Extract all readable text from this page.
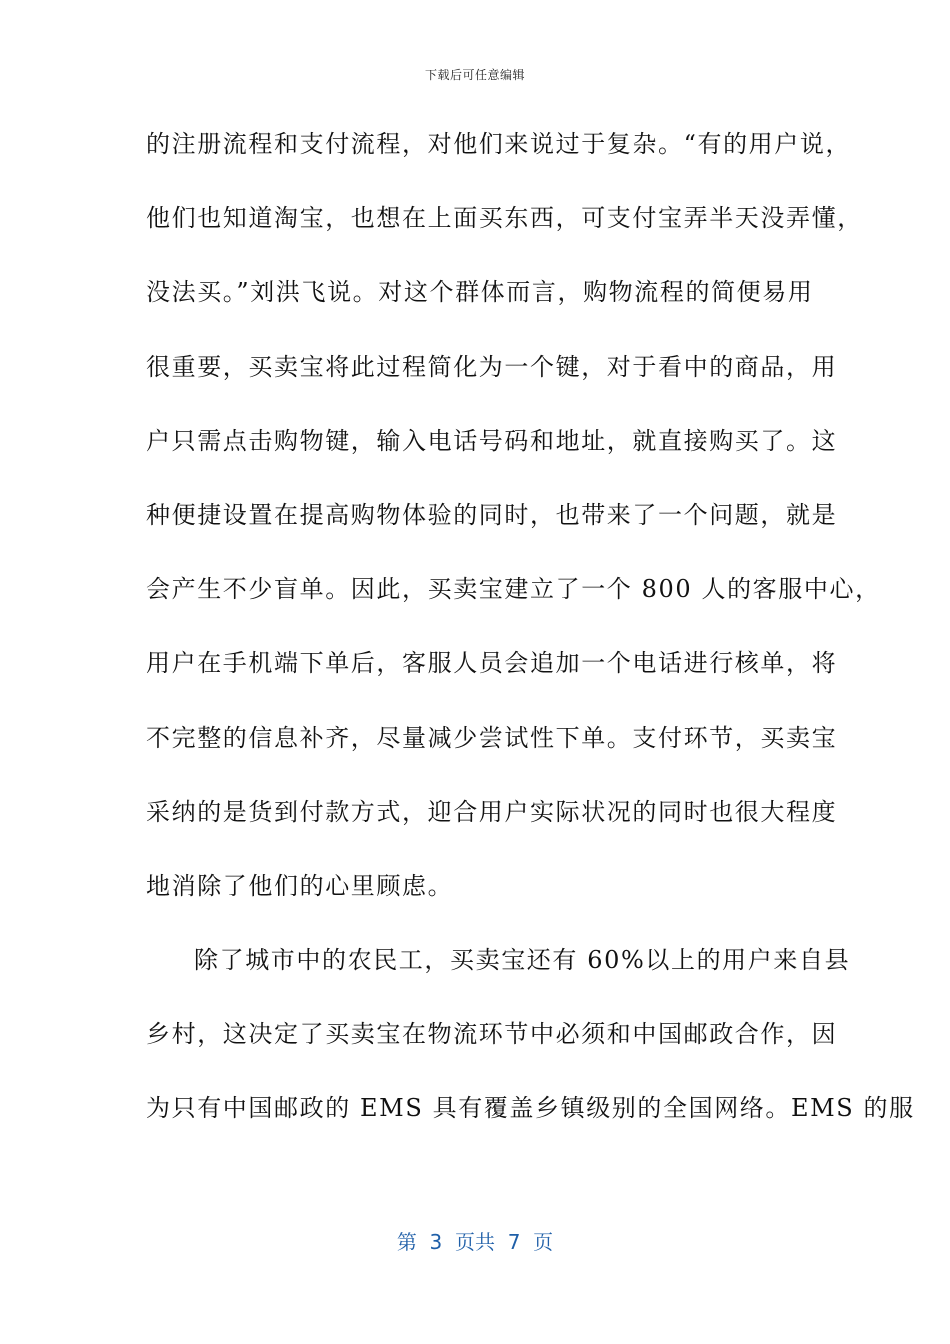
下载后可任意编辑
的注册流程和支付流程，对他们来说过于复杂。“有的用户说，
他们也知道淘宝，也想在上面买东西，可支付宝弄半天没弄懂，
没法买。”刘洪飞说。对这个群体而言，购物流程的简便易用
很重要，买卖宝将此过程简化为一个键，对于看中的商品，用
户只需点击购物键，输入电话号码和地址，就直接购买了。这
种便捷设置在提高购物体验的同时，也带来了一个问题，就是
会产生不少盲单。因此，买卖宝建立了一个 800 人的客服中心，
用户在手机端下单后，客服人员会追加一个电话进行核单，将
不完整的信息补齐，尽量减少尝试性下单。支付环节，买卖宝
采纳的是货到付款方式，迎合用户实际状况的同时也很大程度
地消除了他们的心里顾虑。
除了城市中的农民工，买卖宝还有 60%以上的用户来自县
乡村，这决定了买卖宝在物流环节中必须和中国邮政合作，因
为只有中国邮政的 EMS 具有覆盖乡镇级别的全国网络。EMS 的服
第  3  页共  7  页
